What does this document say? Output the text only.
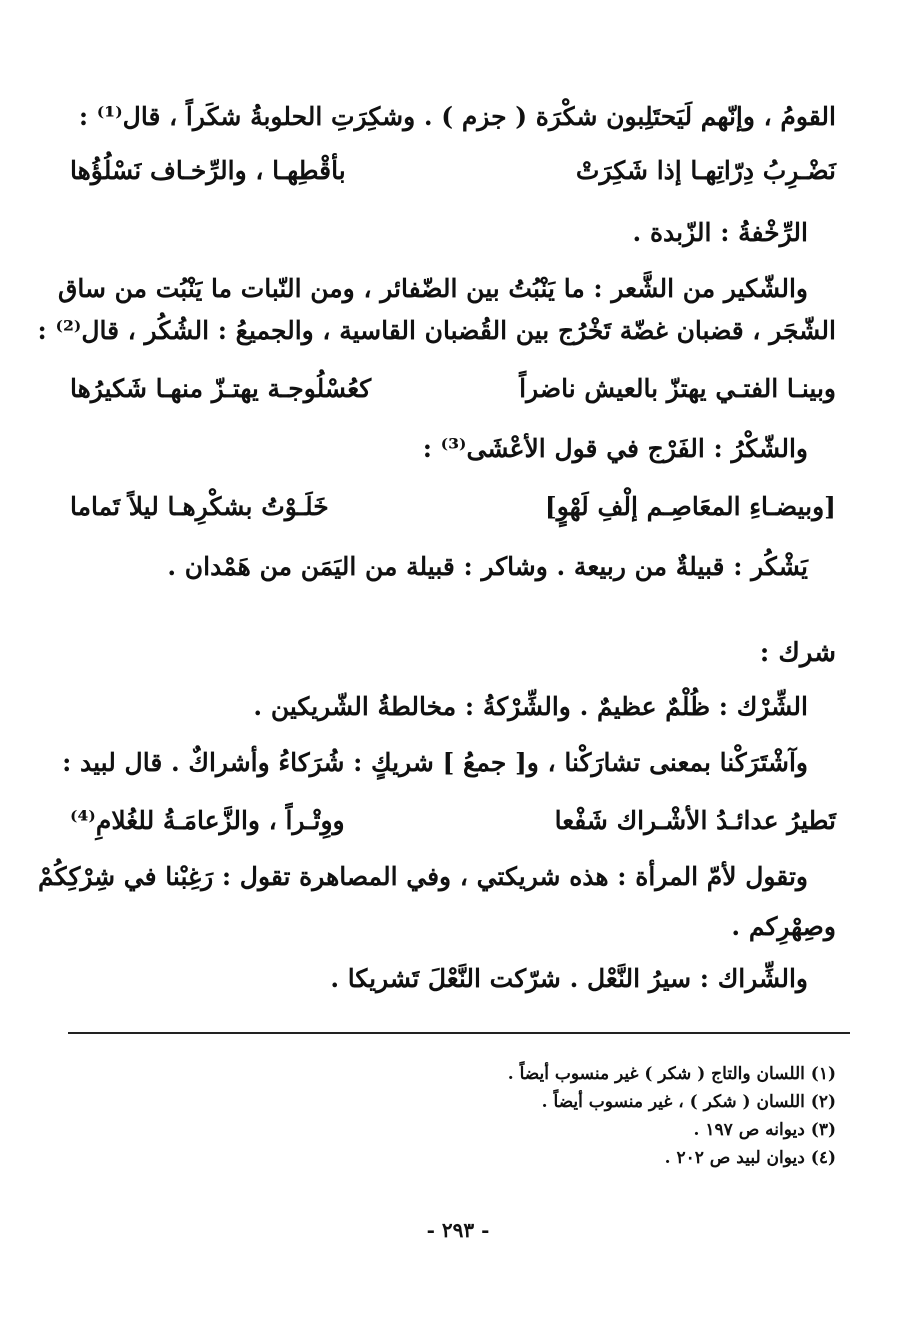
القومُ ، وإنّهم لَيَحتَلِبون شكْرَة ( جزم ) . وشكِرَتِ الحلوبةُ شكَراً ، قال⁽¹⁾ :
نَضْـرِبُ دِرّاتِهـا إذا شَكِرَتْ
بأقْطِهـا ، والرِّخـاف نَسْلُؤُها
الرِّخْفةُ : الزّبدة .
والشّكير من الشَّعر : ما يَنْبُتُ بين الضّفائر ، ومن النّبات ما يَنْبُت من ساق
الشّجَر ، قضبان غضّة تَخْرُج بين القُضبان القاسية ، والجميعُ : الشُكُر ، قال⁽²⁾ :
وبينـا الفتـي يهتزّ بالعيش ناضراً
كعُسْلُوجـة يهتـزّ منهـا شَكيرُها
والشّكْرُ : الفَرْج في قول الأعْشَى⁽³⁾ :
[وبيضـاءِ المعَاصِـم إلْفِ لَهْوٍ]
خَلَـوْتُ بشكْرِهـا ليلاً تَماما
يَشْكُر : قبيلةٌ من ربيعة . وشاكر : قبيلة من اليَمَن من هَمْدان .
شرك :
الشِّرْك : ظُلْمٌ عظيمٌ . والشِّرْكةُ : مخالطةُ الشّريكين .
وآشْتَرَكْنا بمعنى تشارَكْنا ، و[ جمعُ ] شريكٍ : شُرَكاءُ وأشراكٌ . قال لبيد :
تَطيرُ عدائـدُ الأشْـراك شَفْعا
ووِتْـراً ، والزَّعامَـةُ للغُلامِ⁽⁴⁾
وتقول لأمّ المرأة : هذه شريكتي ، وفي المصاهرة تقول : رَغِبْنا في شِرْكِكُمْ
وصِهْرِكم .
والشِّراك : سيرُ النَّعْل . شرّكت النَّعْلَ تَشريكا .
(١) اللسان والتاج ( شكر ) غير منسوب أيضاً .
(٢) اللسان ( شكر ) ، غير منسوب أيضاً .
(٣) ديوانه ص ١٩٧ .
(٤) ديوان لبيد ص ٢٠٢ .
- ٢٩٣ -
